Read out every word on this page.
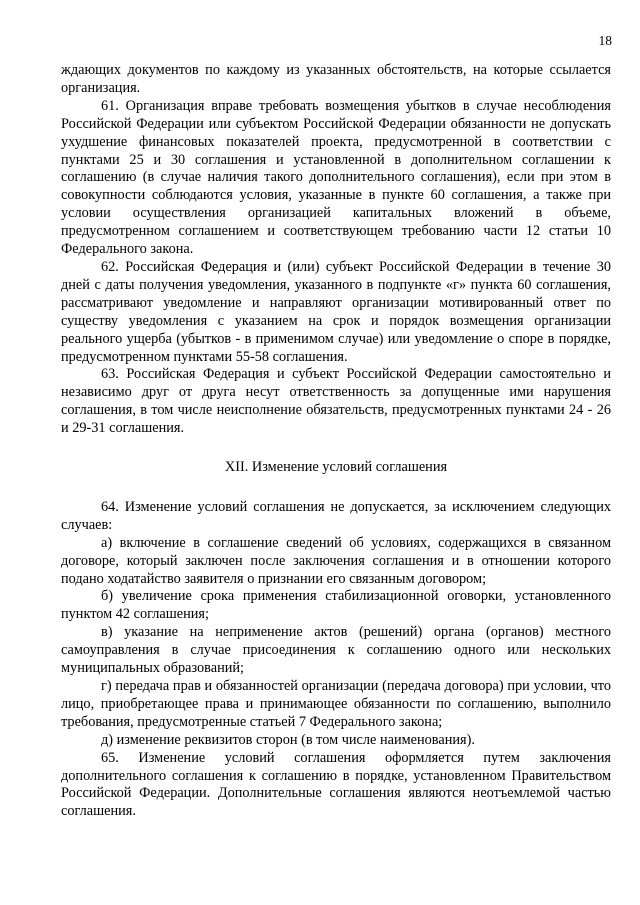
18

ждающих документов по каждому из указанных обстоятельств, на которые ссылается организация.

61. Организация вправе требовать возмещения убытков в случае несоблюдения Российской Федерации или субъектом Российской Федерации обязанности не допускать ухудшение финансовых показателей проекта, предусмотренной в соответствии с пунктами 25 и 30 соглашения и установленной в дополнительном соглашении к соглашению (в случае наличия такого дополнительного соглашения), если при этом в совокупности соблюдаются условия, указанные в пункте 60 соглашения, а также при условии осуществления организацией капитальных вложений в объеме, предусмотренном соглашением и соответствующем требованию части 12 статьи 10 Федерального закона.

62. Российская Федерация и (или) субъект Российской Федерации в течение 30 дней с даты получения уведомления, указанного в подпункте «г» пункта 60 соглашения, рассматривают уведомление и направляют организации мотивированный ответ по существу уведомления с указанием на срок и порядок возмещения организации реального ущерба (убытков - в применимом случае) или уведомление о споре в порядке, предусмотренном пунктами 55-58 соглашения.

63. Российская Федерация и субъект Российской Федерации самостоятельно и независимо друг от друга несут ответственность за допущенные ими нарушения соглашения, в том числе неисполнение обязательств, предусмотренных пунктами 24 - 26 и 29-31 соглашения.

XII. Изменение условий соглашения

64. Изменение условий соглашения не допускается, за исключением следующих случаев:

а) включение в соглашение сведений об условиях, содержащихся в связанном договоре, который заключен после заключения соглашения и в отношении которого подано ходатайство заявителя о признании его связанным договором;

б) увеличение срока применения стабилизационной оговорки, установленного пунктом 42 соглашения;

в) указание на неприменение актов (решений) органа (органов) местного самоуправления в случае присоединения к соглашению одного или нескольких муниципальных образований;

г) передача прав и обязанностей организации (передача договора) при условии, что лицо, приобретающее права и принимающее обязанности по соглашению, выполнило требования, предусмотренные статьей 7 Федерального закона;

д) изменение реквизитов сторон (в том числе наименования).

65. Изменение условий соглашения оформляется путем заключения дополнительного соглашения к соглашению в порядке, установленном Правительством Российской Федерации. Дополнительные соглашения являются неотъемлемой частью соглашения.
